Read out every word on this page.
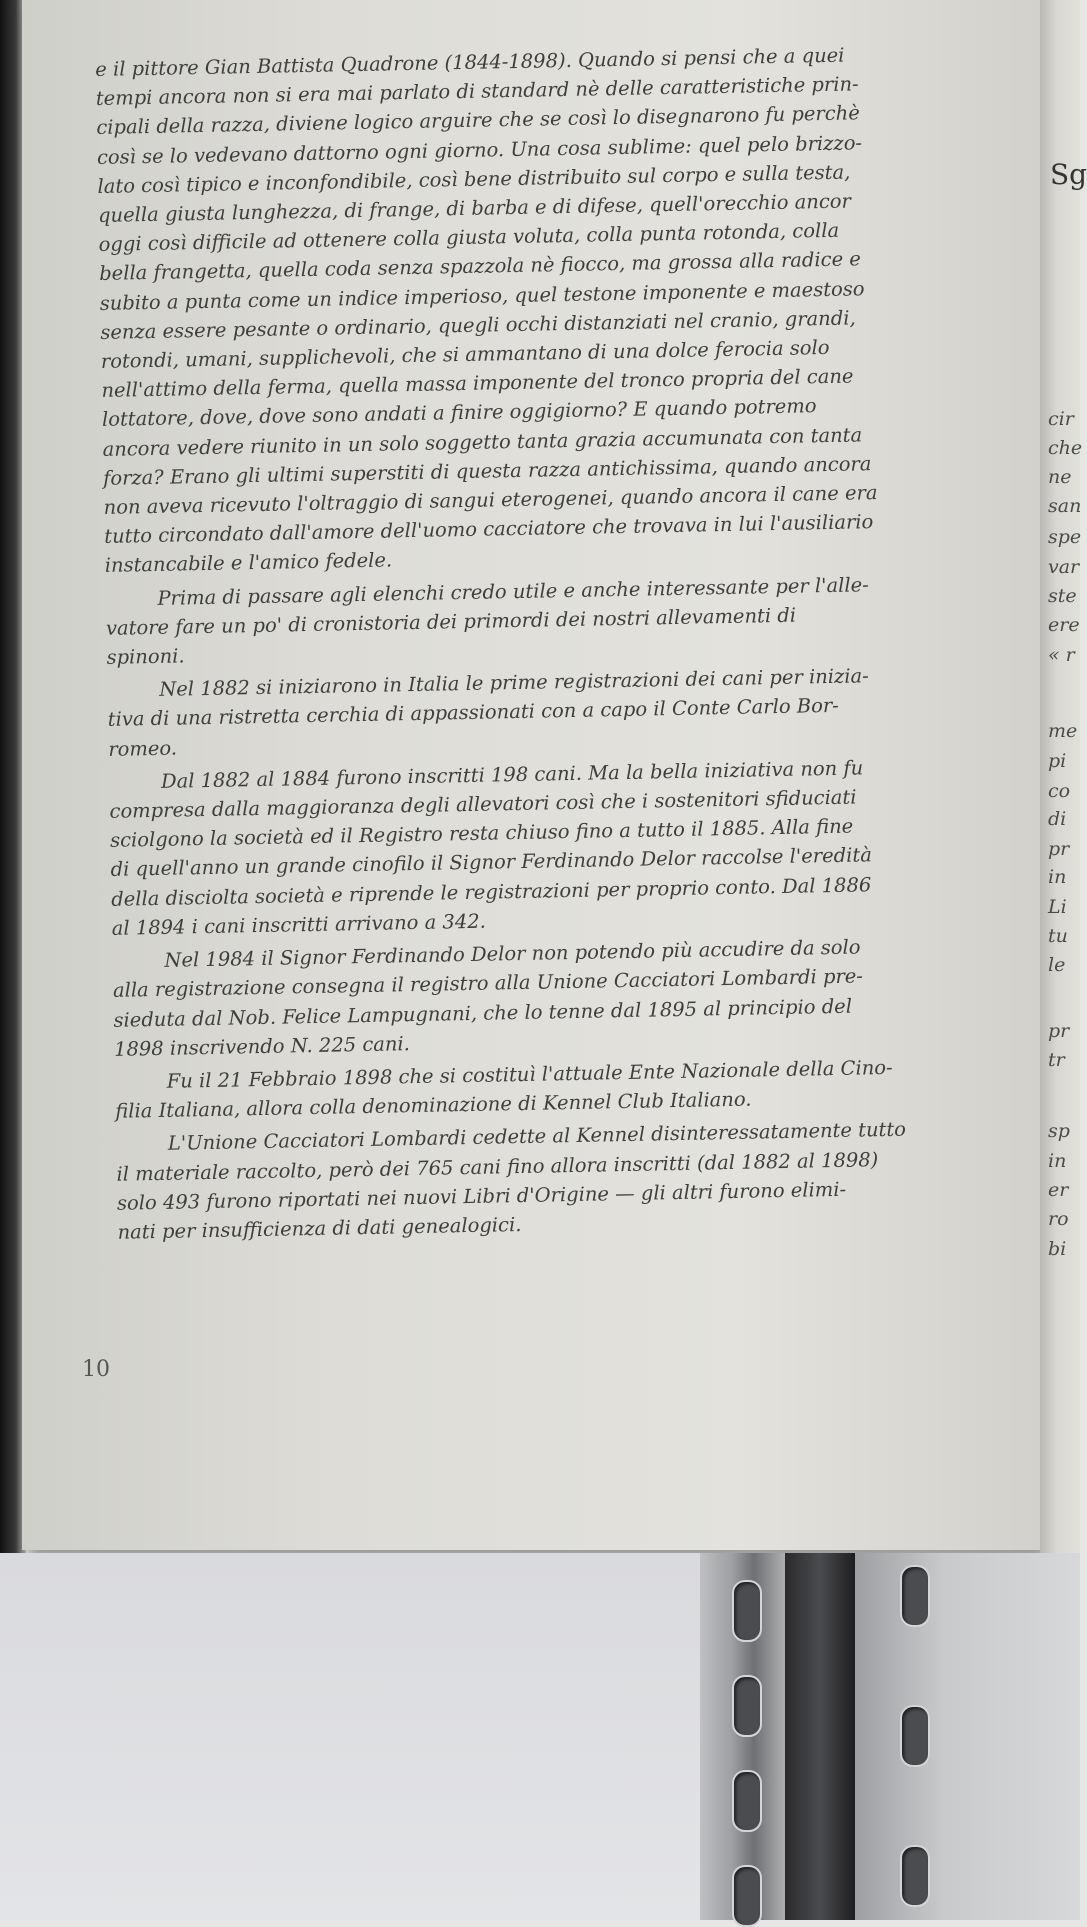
e il pittore Gian Battista Quadrone (1844-1898). Quando si pensi che a quei
tempi ancora non si era mai parlato di standard nè delle caratteristiche prin-
cipali della razza, diviene logico arguire che se così lo disegnarono fu perchè
così se lo vedevano dattorno ogni giorno. Una cosa sublime: quel pelo brizzo-
lato così tipico e inconfondibile, così bene distribuito sul corpo e sulla testa,
quella giusta lunghezza, di frange, di barba e di difese, quell'orecchio ancor
oggi così difficile ad ottenere colla giusta voluta, colla punta rotonda, colla
bella frangetta, quella coda senza spazzola nè fiocco, ma grossa alla radice e
subito a punta come un indice imperioso, quel testone imponente e maestoso
senza essere pesante o ordinario, quegli occhi distanziati nel cranio, grandi,
rotondi, umani, supplichevoli, che si ammantano di una dolce ferocia solo
nell'attimo della ferma, quella massa imponente del tronco propria del cane
lottatore, dove, dove sono andati a finire oggigiorno? E quando potremo
ancora vedere riunito in un solo soggetto tanta grazia accumunata con tanta
forza? Erano gli ultimi superstiti di questa razza antichissima, quando ancora
non aveva ricevuto l'oltraggio di sangui eterogenei, quando ancora il cane era
tutto circondato dall'amore dell'uomo cacciatore che trovava in lui l'ausiliario
instancabile e l'amico fedele.
Prima di passare agli elenchi credo utile e anche interessante per l'alle-
vatore fare un po' di cronistoria dei primordi dei nostri allevamenti di
spinoni.
Nel 1882 si iniziarono in Italia le prime registrazioni dei cani per inizia-
tiva di una ristretta cerchia di appassionati con a capo il Conte Carlo Bor-
romeo.
Dal 1882 al 1884 furono inscritti 198 cani. Ma la bella iniziativa non fu
compresa dalla maggioranza degli allevatori così che i sostenitori sfiduciati
sciolgono la società ed il Registro resta chiuso fino a tutto il 1885. Alla fine
di quell'anno un grande cinofilo il Signor Ferdinando Delor raccolse l'eredità
della disciolta società e riprende le registrazioni per proprio conto. Dal 1886
al 1894 i cani inscritti arrivano a 342.
Nel 1984 il Signor Ferdinando Delor non potendo più accudire da solo
alla registrazione consegna il registro alla Unione Cacciatori Lombardi pre-
sieduta dal Nob. Felice Lampugnani, che lo tenne dal 1895 al principio del
1898 inscrivendo N. 225 cani.
Fu il 21 Febbraio 1898 che si costituì l'attuale Ente Nazionale della Cino-
filia Italiana, allora colla denominazione di Kennel Club Italiano.
L'Unione Cacciatori Lombardi cedette al Kennel disinteressatamente tutto
il materiale raccolto, però dei 765 cani fino allora inscritti (dal 1882 al 1898)
solo 493 furono riportati nei nuovi Libri d'Origine — gli altri furono elimi-
nati per insufficienza di dati genealogici.
10
Sg
cir
che
ne
san
spe
var
ste
ere
« r
me
pi
co
di
pr
in
Li
tu
le
pr
tr
sp
in
er
ro
bi
